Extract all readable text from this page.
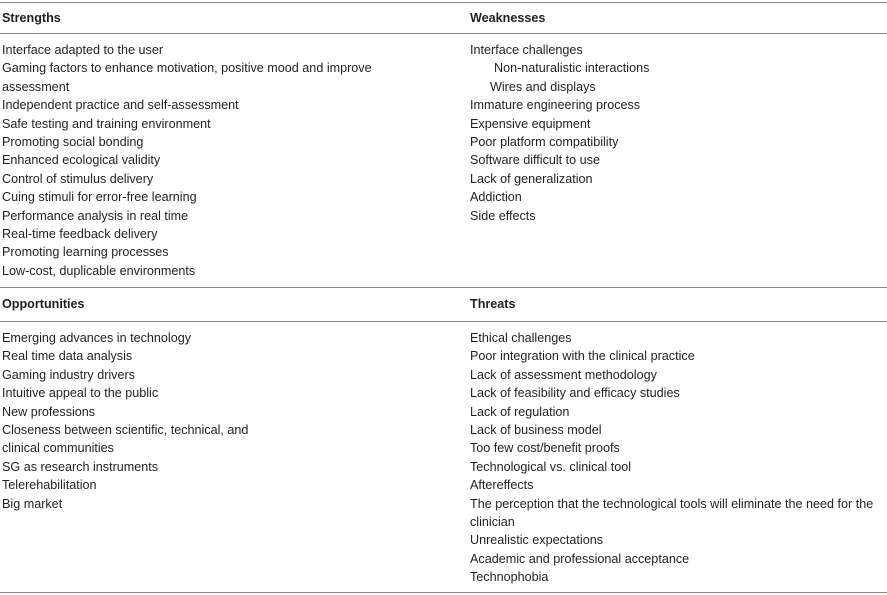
Strengths	Weaknesses
Opportunities	Threats
Interface adapted to the user
Gaming factors to enhance motivation, positive mood and improve assessment
Independent practice and self-assessment
Safe testing and training environment
Promoting social bonding
Enhanced ecological validity
Control of stimulus delivery
Cuing stimuli for error-free learning
Performance analysis in real time
Real-time feedback delivery
Promoting learning processes
Low-cost, duplicable environments
Interface challenges
Non-naturalistic interactions
Wires and displays
Immature engineering process
Expensive equipment
Poor platform compatibility
Software difficult to use
Lack of generalization
Addiction
Side effects
Emerging advances in technology
Real time data analysis
Gaming industry drivers
Intuitive appeal to the public
New professions
Closeness between scientific, technical, and clinical communities
SG as research instruments
Telerehabilitation
Big market
Ethical challenges
Poor integration with the clinical practice
Lack of assessment methodology
Lack of feasibility and efficacy studies
Lack of regulation
Lack of business model
Too few cost/benefit proofs
Technological vs. clinical tool
Aftereffects
The perception that the technological tools will eliminate the need for the clinician
Unrealistic expectations
Academic and professional acceptance
Technophobia
